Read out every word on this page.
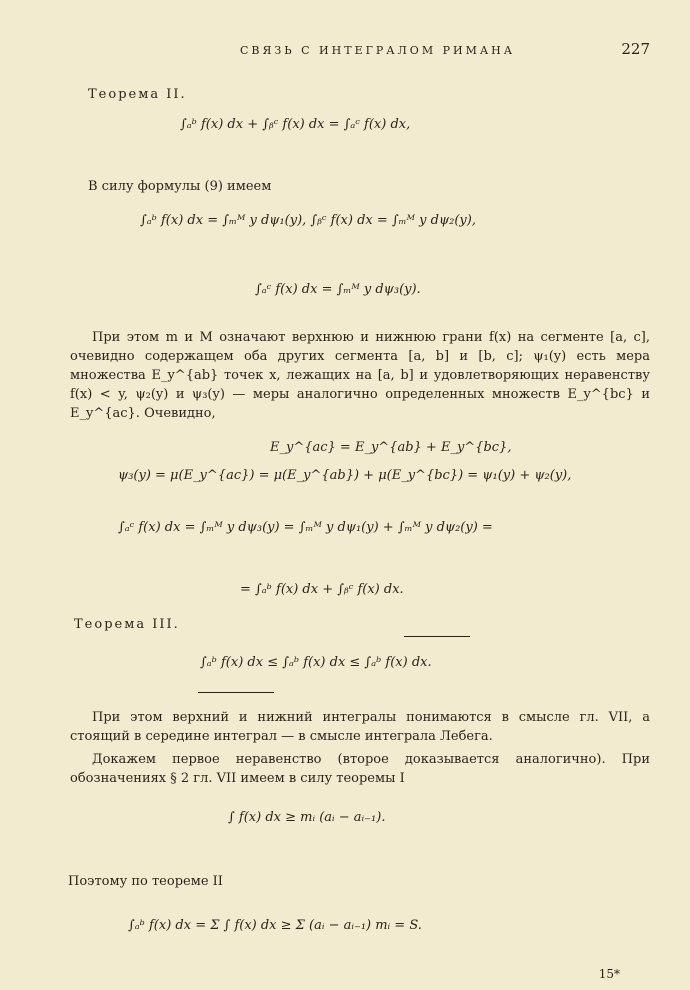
СВЯЗЬ С ИНТЕГРАЛОМ РИМАНА	227
Теорема II.
∫ₐᵇ f(x) dx + ∫ᵦᶜ f(x) dx = ∫ₐᶜ f(x) dx,
В силу формулы (9) имеем
∫ₐᵇ f(x) dx = ∫ₘᴹ y dψ₁(y), ∫ᵦᶜ f(x) dx = ∫ₘᴹ y dψ₂(y),
∫ₐᶜ f(x) dx = ∫ₘᴹ y dψ₃(y).
При этом m и M означают верхнюю и нижнюю грани f(x) на сегменте [a, c], очевидно содержащем оба других сегмента [a, b] и [b, c]; ψ₁(y) есть мера множества E_y^{ab} точек x, лежащих на [a, b] и удовлетворяющих неравенству f(x) < y, ψ₂(y) и ψ₃(y) — меры аналогично определенных множеств E_y^{bc} и E_y^{ac}. Очевидно,
E_y^{ac} = E_y^{ab} + E_y^{bc},
ψ₃(y) = μ(E_y^{ac}) = μ(E_y^{ab}) + μ(E_y^{bc}) = ψ₁(y) + ψ₂(y),
∫ₐᶜ f(x) dx = ∫ₘᴹ y dψ₃(y) = ∫ₘᴹ y dψ₁(y) + ∫ₘᴹ y dψ₂(y) =
= ∫ₐᵇ f(x) dx + ∫ᵦᶜ f(x) dx.
Теорема III.
∫ₐᵇ f(x) dx ≤ ∫ₐᵇ f(x) dx ≤ ∫ₐᵇ f(x) dx.
При этом верхний и нижний интегралы понимаются в смысле гл. VII, а стоящий в середине интеграл — в смысле интеграла Лебега.
Докажем первое неравенство (второе доказывается аналогично). При обозначениях § 2 гл. VII имеем в силу теоремы I
∫ f(x) dx ≥ mᵢ (aᵢ − aᵢ₋₁).
Поэтому по теореме II
∫ₐᵇ f(x) dx = Σ ∫ f(x) dx ≥ Σ (aᵢ − aᵢ₋₁) mᵢ = S.
15*
